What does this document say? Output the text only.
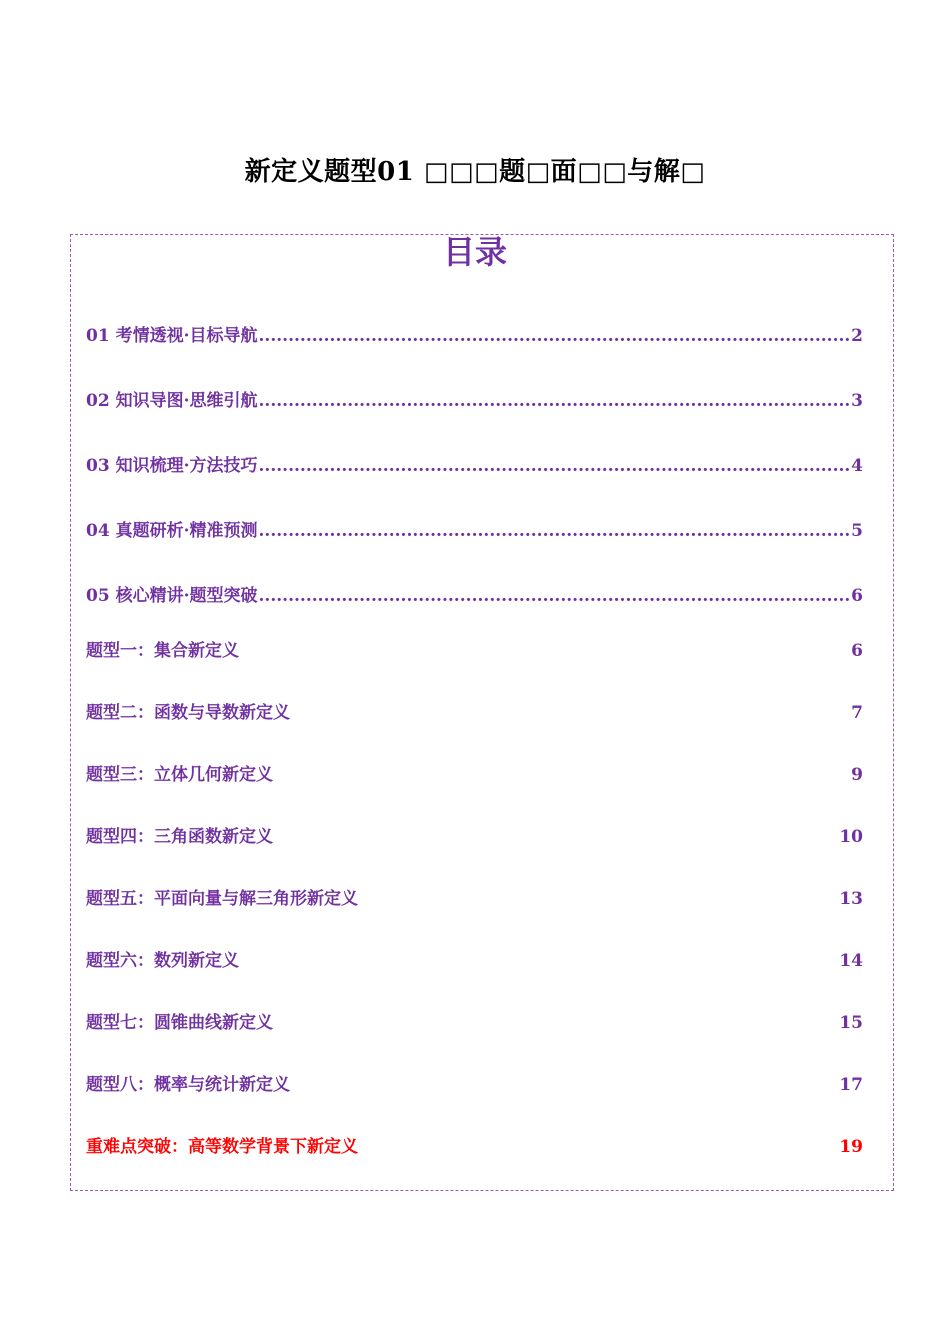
新定义题型01 □□□题□面□□与解□
目录
01 考情透视·目标导航 .....	2
02 知识导图·思维引航 .....	3
03 知识梳理·方法技巧 .....	4
04 真题研析·精准预测 .....	5
05 核心精讲·题型突破 .....	6
题型一：集合新定义	6
题型二：函数与导数新定义	7
题型三：立体几何新定义	9
题型四：三角函数新定义	10
题型五：平面向量与解三角形新定义	13
题型六：数列新定义	14
题型七：圆锥曲线新定义	15
题型八：概率与统计新定义	17
重难点突破：高等数学背景下新定义	19
